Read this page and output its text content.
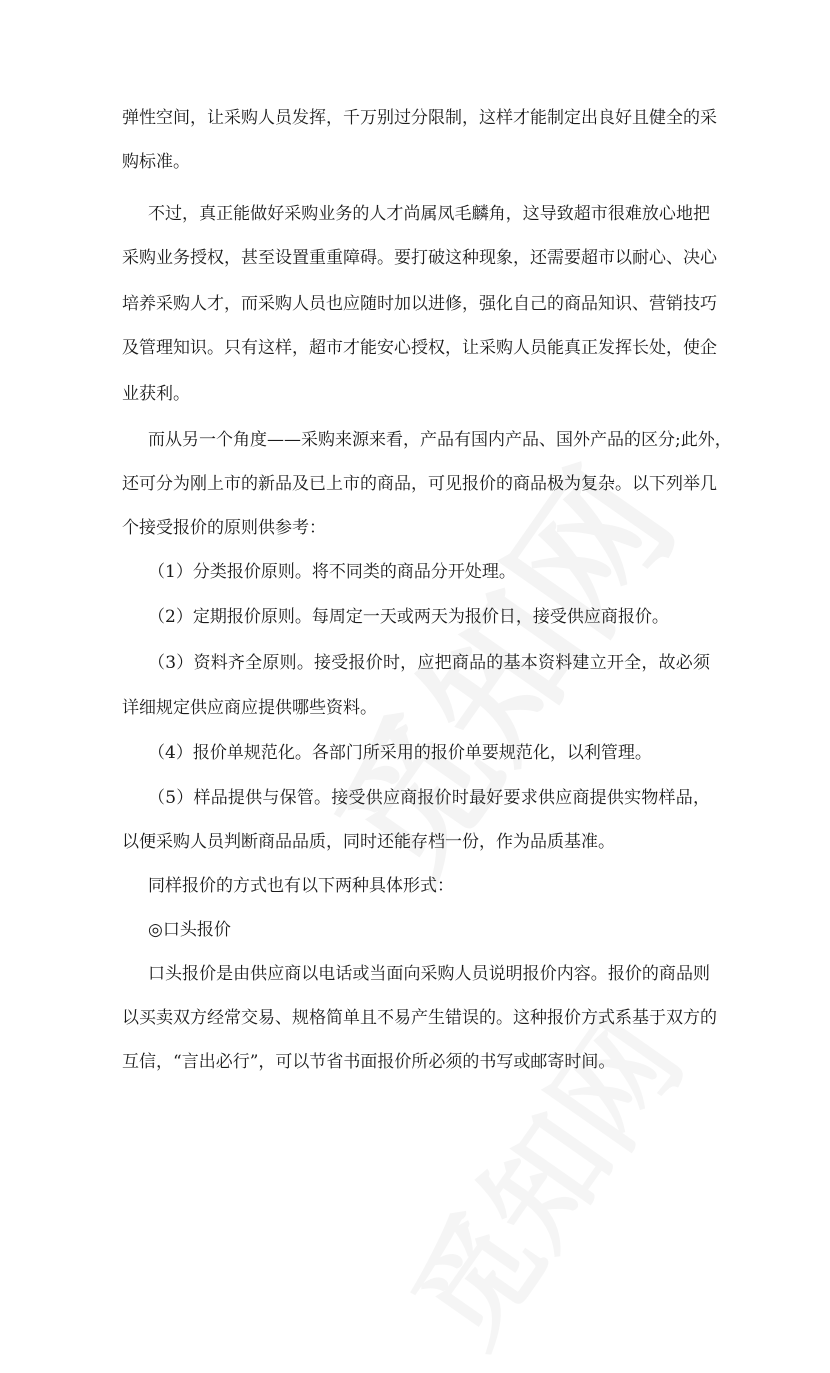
弹性空间，让采购人员发挥，千万别过分限制，这样才能制定出良好且健全的采
购标准。
不过，真正能做好采购业务的人才尚属凤毛麟角，这导致超市很难放心地把
采购业务授权，甚至设置重重障碍。要打破这种现象，还需要超市以耐心、决心
培养采购人才，而采购人员也应随时加以进修，强化自己的商品知识、营销技巧
及管理知识。只有这样，超市才能安心授权，让采购人员能真正发挥长处，使企
业获利。
而从另一个角度——采购来源来看，产品有国内产品、国外产品的区分;此外，
还可分为刚上市的新品及已上市的商品，可见报价的商品极为复杂。以下列举几
个接受报价的原则供参考：
（1）分类报价原则。将不同类的商品分开处理。
（2）定期报价原则。每周定一天或两天为报价日，接受供应商报价。
（3）资料齐全原则。接受报价时，应把商品的基本资料建立开全，故必须
详细规定供应商应提供哪些资料。
（4）报价单规范化。各部门所采用的报价单要规范化，以利管理。
（5）样品提供与保管。接受供应商报价时最好要求供应商提供实物样品，
以便采购人员判断商品品质，同时还能存档一份，作为品质基准。
同样报价的方式也有以下两种具体形式：
◎口头报价
口头报价是由供应商以电话或当面向采购人员说明报价内容。报价的商品则
以买卖双方经常交易、规格简单且不易产生错误的。这种报价方式系基于双方的
互信，“言出必行”，可以节省书面报价所必须的书写或邮寄时间。
